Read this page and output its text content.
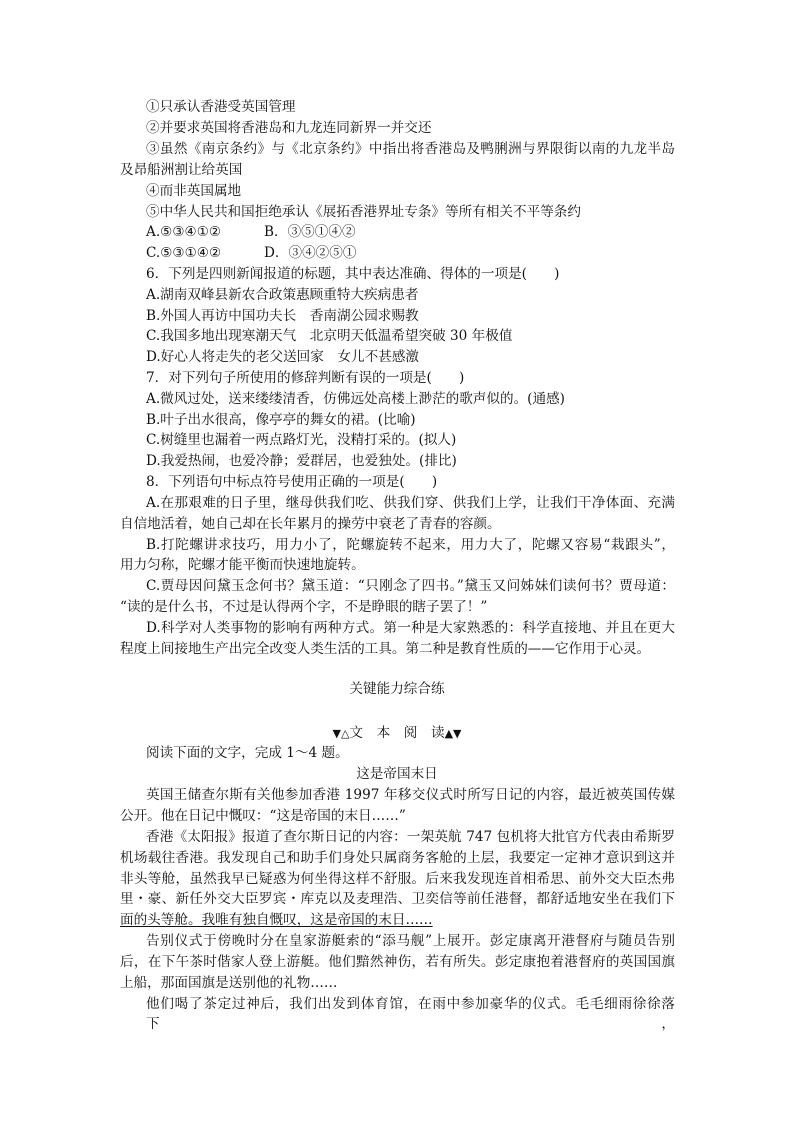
①只承认香港受英国管理
②并要求英国将香港岛和九龙连同新界一并交还
③虽然《南京条约》与《北京条约》中指出将香港岛及鸭脷洲与界限街以南的九龙半岛
及昂船洲割让给英国
④而非英国属地
⑤中华人民共和国拒绝承认《展拓香港界址专条》等所有相关不平等条约
A.⑤③④①②	B．③⑤①④②
C.⑤③①④②	D．③④②⑤①
6．下列是四则新闻报道的标题，其中表达准确、得体的一项是(　　)
A.湖南双峰县新农合政策惠顾重特大疾病患者
B.外国人再访中国功夫长　香南湖公园求赐教
C.我国多地出现寒潮天气　北京明天低温希望突破 30 年极值
D.好心人将走失的老父送回家　女儿不甚感激
7．对下列句子所使用的修辞判断有误的一项是(　　)
A.微风过处，送来缕缕清香，仿佛远处高楼上渺茫的歌声似的。(通感)
B.叶子出水很高，像亭亭的舞女的裙。(比喻)
C.树缝里也漏着一两点路灯光，没精打采的。(拟人)
D.我爱热闹，也爱冷静；爱群居，也爱独处。(排比)
8．下列语句中标点符号使用正确的一项是(　　)
A.在那艰难的日子里，继母供我们吃、供我们穿、供我们上学，让我们干净体面、充满
自信地活着，她自己却在长年累月的操劳中衰老了青春的容颜。
B.打陀螺讲求技巧，用力小了，陀螺旋转不起来，用力大了，陀螺又容易“栽跟头”，
用力匀称，陀螺才能平衡而快速地旋转。
C.贾母因问黛玉念何书？黛玉道：“只刚念了四书。”黛玉又问姊妹们读何书？贾母道：
“读的是什么书，不过是认得两个字，不是睁眼的瞎子罢了！”
D.科学对人类事物的影响有两种方式。第一种是大家熟悉的：科学直接地、并且在更大
程度上间接地生产出完全改变人类生活的工具。第二种是教育性质的——它作用于心灵。
关键能力综合练
▼△文　本　阅　读▲▼
阅读下面的文字，完成 1～4 题。
这是帝国末日
英国王储查尔斯有关他参加香港 1997 年移交仪式时所写日记的内容，最近被英国传媒
公开。他在日记中慨叹：“这是帝国的末日……”
香港《太阳报》报道了查尔斯日记的内容：一架英航 747 包机将大批官方代表由希斯罗
机场载往香港。我发现自己和助手们身处只属商务客舱的上层，我要定一定神才意识到这并
非头等舱，虽然我早已疑惑为何坐得这样不舒服。后来我发现连首相希思、前外交大臣杰弗
里・豪、新任外交大臣罗宾・库克以及麦理浩、卫奕信等前任港督，都舒适地安坐在我们下
面的头等舱。我唯有独自慨叹，这是帝国的末日……
告别仪式于傍晚时分在皇家游艇索的“添马舰”上展开。彭定康离开港督府与随员告别
后，在下午茶时偕家人登上游艇。他们黯然神伤，若有所失。彭定康抱着港督府的英国国旗
上船，那面国旗是送别他的礼物……
他们喝了茶定过神后，我们出发到体育馆，在雨中参加豪华的仪式。毛毛细雨徐徐落下，
